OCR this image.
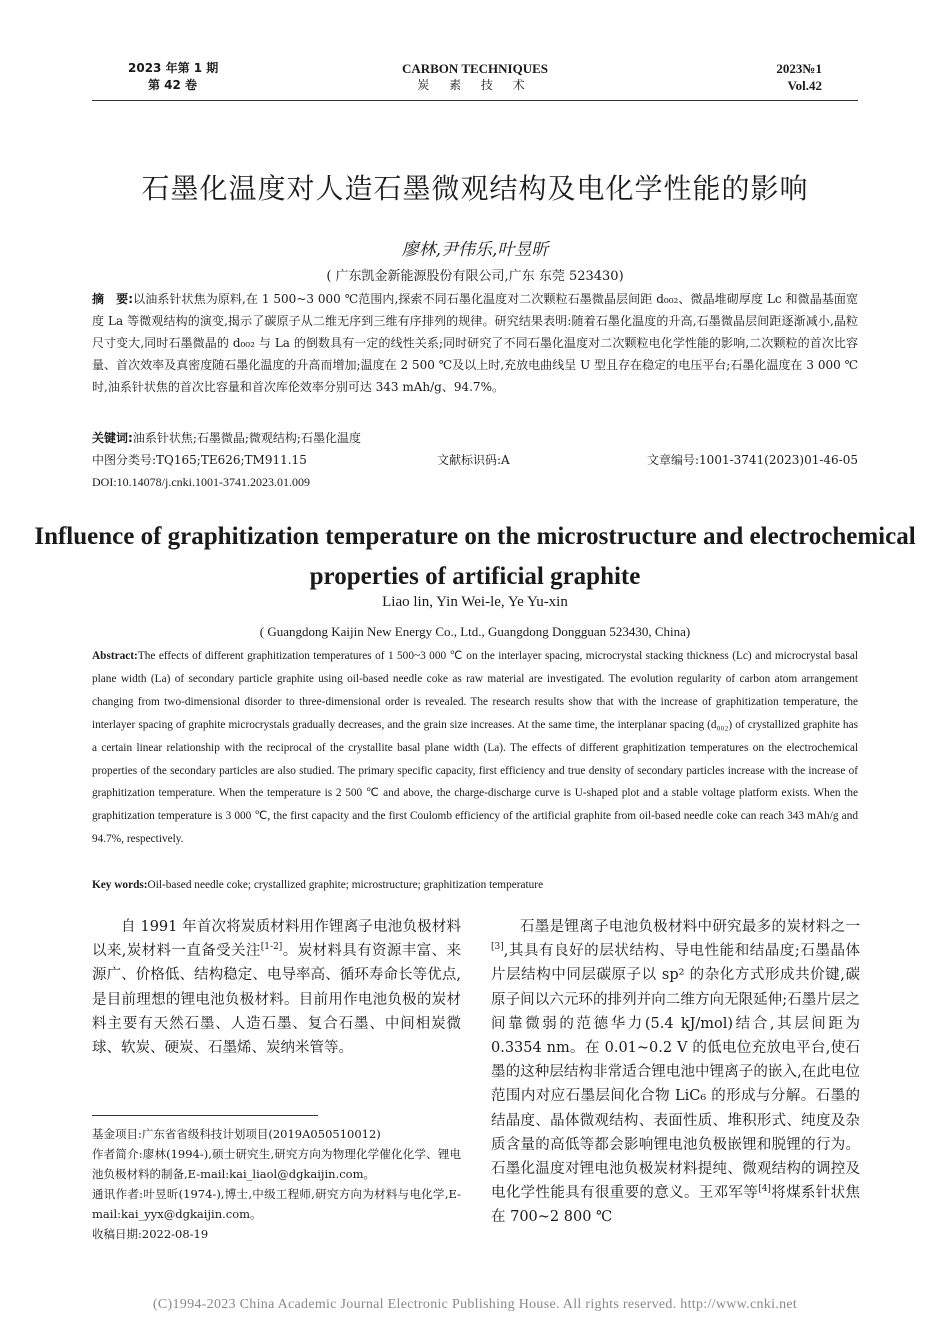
2023 年第 1 期
第 42 卷
CARBON TECHNIQUES
炭 素 技 术
2023№1
Vol.42
石墨化温度对人造石墨微观结构及电化学性能的影响
廖林,尹伟乐,叶昱昕
( 广东凯金新能源股份有限公司,广东 东莞 523430)
摘　要:以油系针状焦为原料,在 1 500~3 000 ℃范围内,探索不同石墨化温度对二次颗粒石墨微晶层间距 d₀₀₂、微晶堆砌厚度 Lc 和微晶基面宽度 La 等微观结构的演变,揭示了碳原子从二维无序到三维有序排列的规律。研究结果表明:随着石墨化温度的升高,石墨微晶层间距逐渐减小,晶粒尺寸变大,同时石墨微晶的 d₀₀₂ 与 La 的倒数具有一定的线性关系;同时研究了不同石墨化温度对二次颗粒电化学性能的影响,二次颗粒的首次比容量、首次效率及真密度随石墨化温度的升高而增加;温度在 2 500 ℃及以上时,充放电曲线呈 U 型且存在稳定的电压平台;石墨化温度在 3 000 ℃时,油系针状焦的首次比容量和首次库伦效率分别可达 343 mAh/g、94.7%。
关键词:油系针状焦;石墨微晶;微观结构;石墨化温度
中图分类号:TQ165;TE626;TM911.15	文献标识码:A	文章编号:1001-3741(2023)01-46-05
DOI:10.14078/j.cnki.1001-3741.2023.01.009
Influence of graphitization temperature on the microstructure and electrochemical properties of artificial graphite
Liao lin, Yin Wei-le, Ye Yu-xin
( Guangdong Kaijin New Energy Co., Ltd., Guangdong Dongguan 523430, China)
Abstract:The effects of different graphitization temperatures of 1 500~3 000 ℃ on the interlayer spacing, microcrystal stacking thickness (Lc) and microcrystal basal plane width (La) of secondary particle graphite using oil-based needle coke as raw material are investigated. The evolution regularity of carbon atom arrangement changing from two-dimensional disorder to three-dimensional order is revealed. The research results show that with the increase of graphitization temperature, the interlayer spacing of graphite microcrystals gradually decreases, and the grain size increases. At the same time, the interplanar spacing (d₀₀₂) of crystallized graphite has a certain linear relationship with the reciprocal of the crystallite basal plane width (La). The effects of different graphitization temperatures on the electrochemical properties of the secondary particles are also studied. The primary specific capacity, first efficiency and true density of secondary particles increase with the increase of graphitization temperature. When the temperature is 2 500 ℃ and above, the charge-discharge curve is U-shaped plot and a stable voltage platform exists. When the graphitization temperature is 3 000 ℃, the first capacity and the first Coulomb efficiency of the artificial graphite from oil-based needle coke can reach 343 mAh/g and 94.7%, respectively.
Key words:Oil-based needle coke; crystallized graphite; microstructure; graphitization temperature

自 1991 年首次将炭质材料用作锂离子电池负极材料以来,炭材料一直备受关注[1-2]。炭材料具有资源丰富、来源广、价格低、结构稳定、电导率高、循环寿命长等优点,是目前理想的锂电池负极材料。目前用作电池负极的炭材料主要有天然石墨、人造石墨、复合石墨、中间相炭微球、软炭、硬炭、石墨烯、炭纳米管等。

石墨是锂离子电池负极材料中研究最多的炭材料之一[3],其具有良好的层状结构、导电性能和结晶度;石墨晶体片层结构中同层碳原子以 sp² 的杂化方式形成共价键,碳原子间以六元环的排列并向二维方向无限延伸;石墨片层之间靠微弱的范德华力(5.4 kJ/mol)结合,其层间距为 0.3354 nm。在 0.01~0.2 V 的低电位充放电平台,使石墨的这种层结构非常适合锂电池中锂离子的嵌入,在此电位范围内对应石墨层间化合物 LiC₆ 的形成与分解。石墨的结晶度、晶体微观结构、表面性质、堆积形式、纯度及杂质含量的高低等都会影响锂电池负极嵌锂和脱锂的行为。石墨化温度对锂电池负极炭材料提纯、微观结构的调控及电化学性能具有很重要的意义。王邓军等[4]将煤系针状焦在 700~2 800 ℃

基金项目:广东省省级科技计划项目(2019A050510012)
作者简介:廖林(1994-),硕士研究生,研究方向为物理化学催化化学、锂电池负极材料的制备,E-mail:kai_liaol@dgkaijin.com。
通讯作者:叶昱昕(1974-),博士,中级工程师,研究方向为材料与电化学,E-mail:kai_yyx@dgkaijin.com。
收稿日期:2022-08-19
(C)1994-2023 China Academic Journal Electronic Publishing House. All rights reserved. http://www.cnki.net
